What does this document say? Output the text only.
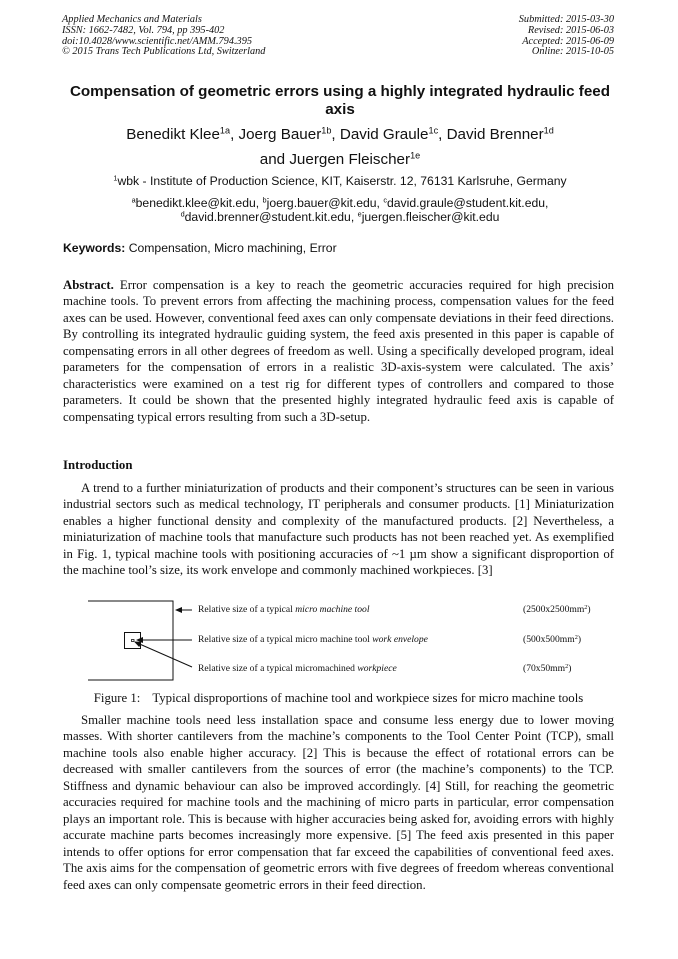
Applied Mechanics and Materials
ISSN: 1662-7482, Vol. 794, pp 395-402
doi:10.4028/www.scientific.net/AMM.794.395
© 2015 Trans Tech Publications Ltd, Switzerland
Submitted: 2015-03-30
Revised: 2015-06-03
Accepted: 2015-06-09
Online: 2015-10-05
Compensation of geometric errors using a highly integrated hydraulic feed axis
Benedikt Klee$^{1a}$, Joerg Bauer$^{1b}$, David Graule$^{1c}$, David Brenner$^{1d}$
and Juergen Fleischer$^{1e}$
$^1$wbk - Institute of Production Science, KIT, Kaiserstr. 12, 76131 Karlsruhe, Germany
$^a$benedikt.klee@kit.edu, $^b$joerg.bauer@kit.edu, $^c$david.graule@student.kit.edu,
$^d$david.brenner@student.kit.edu, $^e$juergen.fleischer@kit.edu
Keywords: Compensation, Micro machining, Error
Abstract. Error compensation is a key to reach the geometric accuracies required for high precision machine tools. To prevent errors from affecting the machining process, compensation values for the feed axes can be used. However, conventional feed axes can only compensate deviations in their feed directions. By controlling its integrated hydraulic guiding system, the feed axis presented in this paper is capable of compensating errors in all other degrees of freedom as well. Using a specifically developed program, ideal parameters for the compensation of errors in a realistic 3D-axis-system were calculated. The axis’ characteristics were examined on a test rig for different types of controllers and compared to those parameters. It could be shown that the presented highly integrated hydraulic feed axis is capable of compensating typical errors resulting from such a 3D-setup.
Introduction
A trend to a further miniaturization of products and their component’s structures can be seen in various industrial sectors such as medical technology, IT peripherals and consumer products. [1] Miniaturization enables a higher functional density and complexity of the manufactured products. [2] Nevertheless, a miniaturization of machine tools that manufacture such products has not been reached yet. As exemplified in Fig. 1, typical machine tools with positioning accuracies of ~1 µm show a significant disproportion of the machine tool’s size, its work envelope and commonly machined workpieces. [3]
Relative size of a typical micro machine tool	$(2500x2500mm^2)$
Relative size of a typical micro machine tool work envelope	$(500x500mm^2)$
Relative size of a typical micromachined workpiece	$(70x50mm^2)$
Figure 1: Typical disproportions of machine tool and workpiece sizes for micro machine tools
Smaller machine tools need less installation space and consume less energy due to lower moving masses. With shorter cantilevers from the machine’s components to the Tool Center Point (TCP), small machine tools also enable higher accuracy. [2] This is because the effect of rotational errors can be decreased with smaller cantilevers from the sources of error (the machine’s components) to the TCP. Stiffness and dynamic behaviour can also be improved accordingly. [4] Still, for reaching the geometric accuracies required for machine tools and the machining of micro parts in particular, error compensation plays an important role. This is because with higher accuracies being asked for, avoiding errors with highly accurate machine parts becomes increasingly more expensive. [5] The feed axis presented in this paper intends to offer options for error compensation that far exceed the capabilities of conventional feed axes. The axis aims for the compensation of geometric errors with five degrees of freedom whereas conventional feed axes can only compensate geometric errors in their feed direction.
